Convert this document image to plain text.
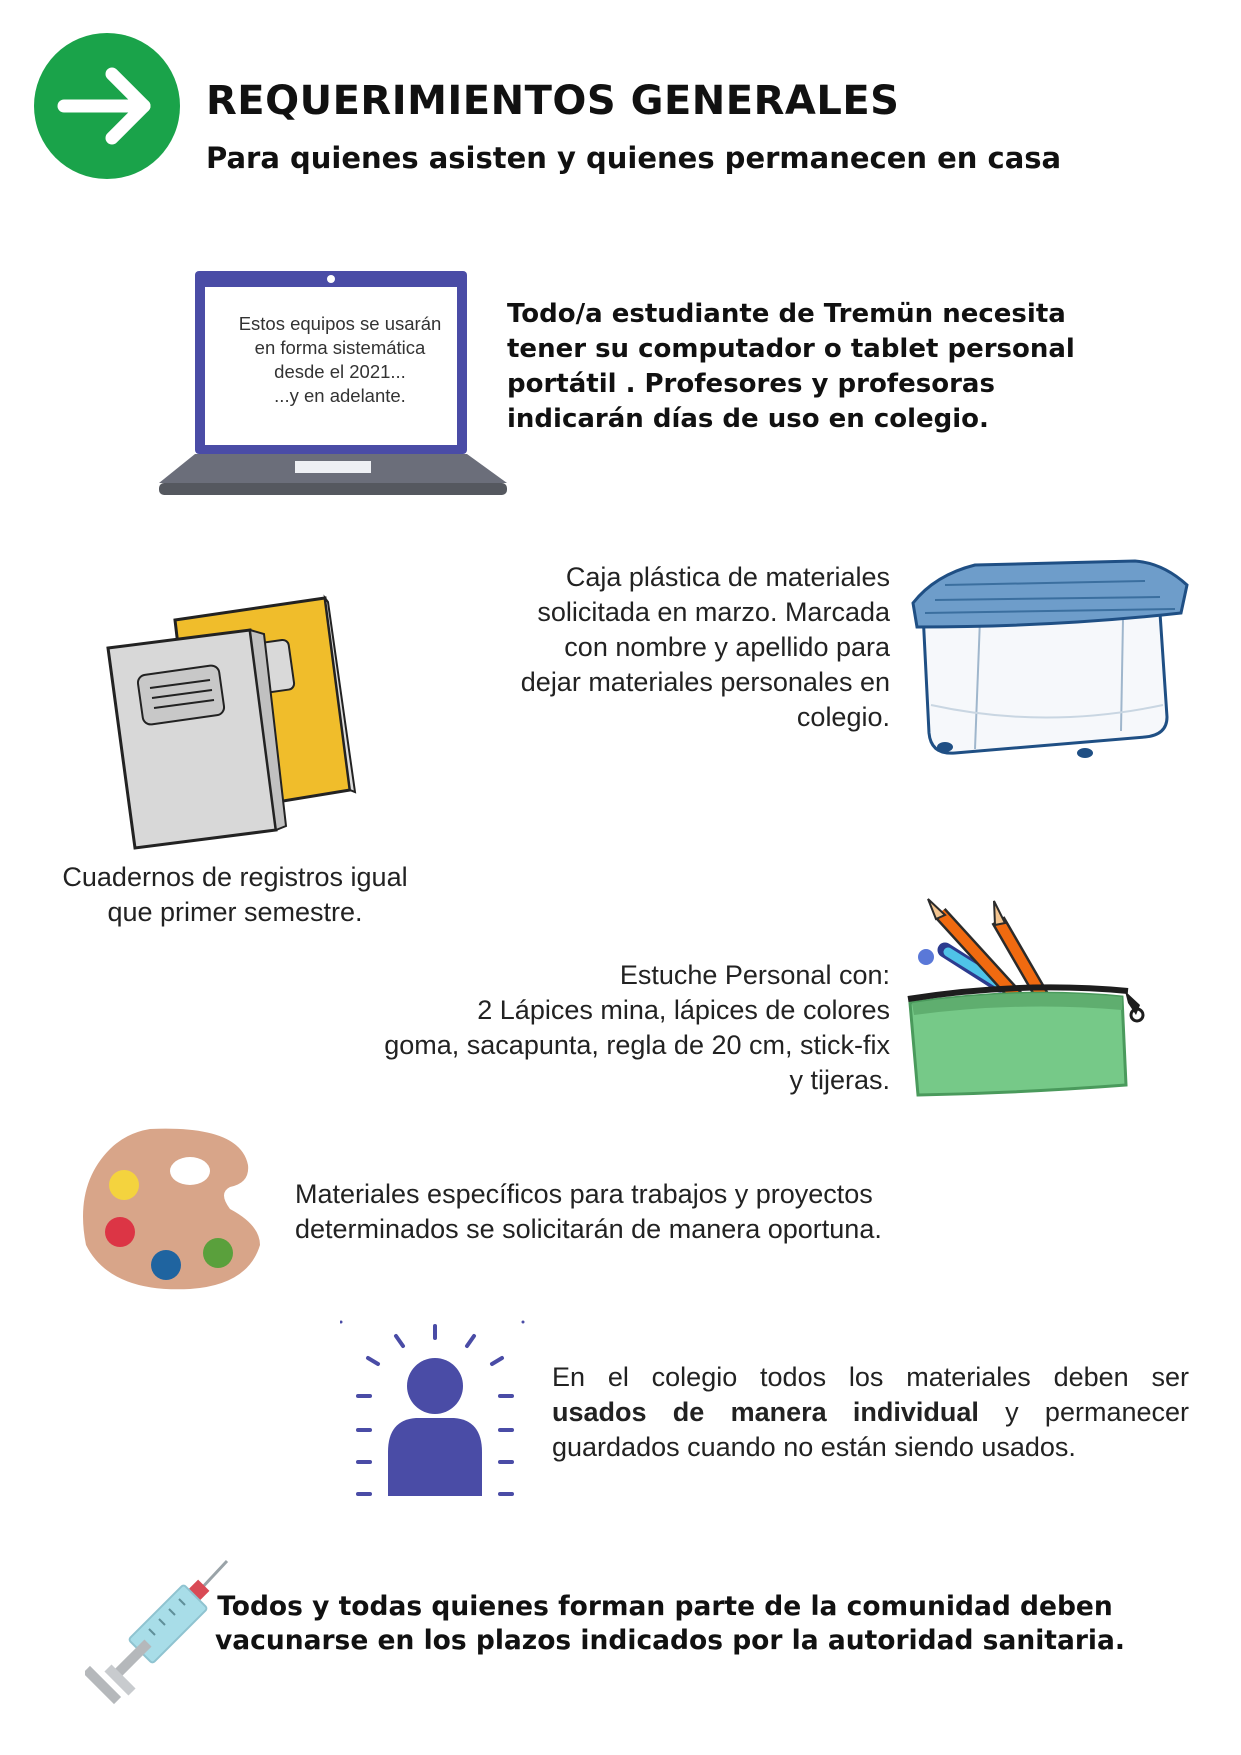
REQUERIMIENTOS GENERALES
Para quienes asisten y quienes permanecen en casa
Estos equipos se usarán
en forma sistemática
desde el 2021...
...y en adelante.
Todo/a estudiante de Tremün necesita
tener su computador o tablet personal
portátil . Profesores y profesoras
indicarán días de uso en colegio.
Caja plástica de materiales
solicitada en marzo. Marcada
con nombre y apellido para
dejar materiales personales en
colegio.
Cuadernos de registros igual
que primer semestre.
Estuche Personal con:
2 Lápices mina, lápices de colores
goma, sacapunta, regla de 20 cm, stick-fix
y tijeras.
Materiales específicos para trabajos y proyectos
determinados se solicitarán de manera oportuna.
En el colegio todos los materiales deben ser
usados de manera individual y permanecer
guardados cuando no están siendo usados.
Todos y todas quienes forman parte de la comunidad deben
vacunarse en los plazos indicados por la autoridad sanitaria.
